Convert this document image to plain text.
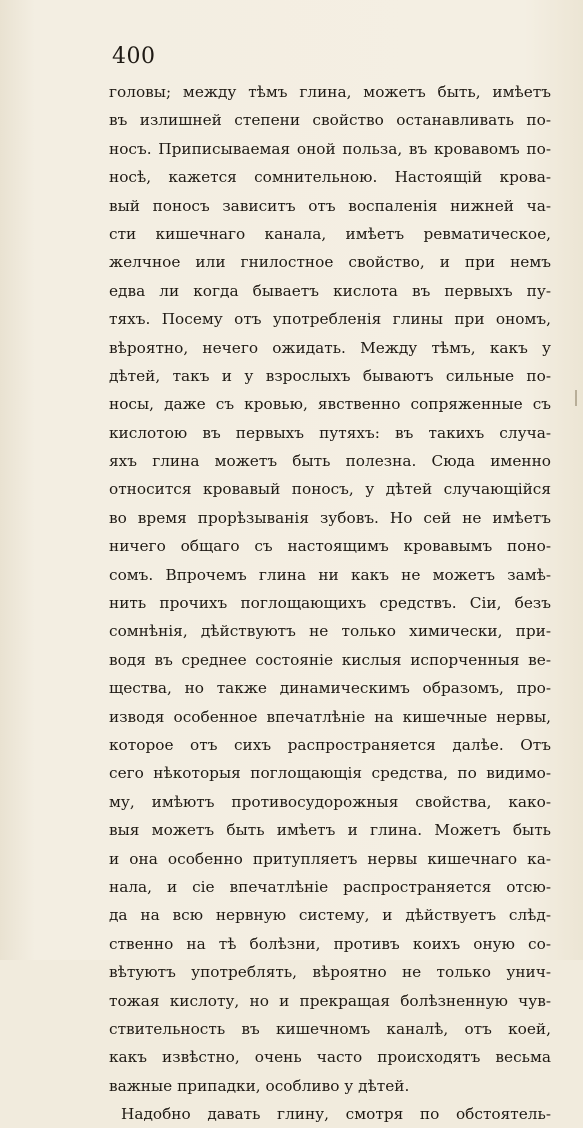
400
головы; между тѣмъ глина, можетъ быть, имѣетъ
въ излишней степени свойство останавливать по-
носъ. Приписываемая оной польза, въ кровавомъ по-
носѣ, кажется сомнительною. Настоящій крова-
вый поносъ зависитъ отъ воспаленія нижней ча-
сти кишечнаго канала, имѣетъ ревматическое,
желчное или гнилостное свойство, и при немъ
едва ли когда бываетъ кислота въ первыхъ пу-
тяхъ. Посему отъ употребленія глины при ономъ,
вѣроятно, нечего ожидать. Между тѣмъ, какъ у
дѣтей, такъ и у взрослыхъ бываютъ сильные по-
носы, даже съ кровью, явственно сопряженные съ
кислотою въ первыхъ путяхъ: въ такихъ случа-
яхъ глина можетъ быть полезна. Сюда именно
относится кровавый поносъ, у дѣтей случающійся
во время прорѣзыванія зубовъ. Но сей не имѣетъ
ничего общаго съ настоящимъ кровавымъ поно-
сомъ. Впрочемъ глина ни какъ не можетъ замѣ-
нить прочихъ поглощающихъ средствъ. Сіи, безъ
сомнѣнія, дѣйствуютъ не только химически, при-
водя въ среднее состояніе кислыя испорченныя ве-
щества, но также динамическимъ образомъ, про-
изводя особенное впечатлѣніе на кишечные нервы,
которое отъ сихъ распространяется далѣе. Отъ
сего нѣкоторыя поглощающія средства, по видимо-
му, имѣютъ противосудорожныя свойства, како-
выя можетъ быть имѣетъ и глина. Можетъ быть
и она особенно притупляетъ нервы кишечнаго ка-
нала, и сіе впечатлѣніе распространяется отсю-
да на всю нервную систему, и дѣйствуетъ слѣд-
ственно на тѣ болѣзни, противъ коихъ оную со-
вѣтуютъ употреблять, вѣроятно не только унич-
тожая кислоту, но и прекращая болѣзненную чув-
ствительность въ кишечномъ каналѣ, отъ коей,
какъ извѣстно, очень часто происходятъ весьма
важные припадки, особливо у дѣтей.
Надобно давать глину, смотря по обстоятель-
